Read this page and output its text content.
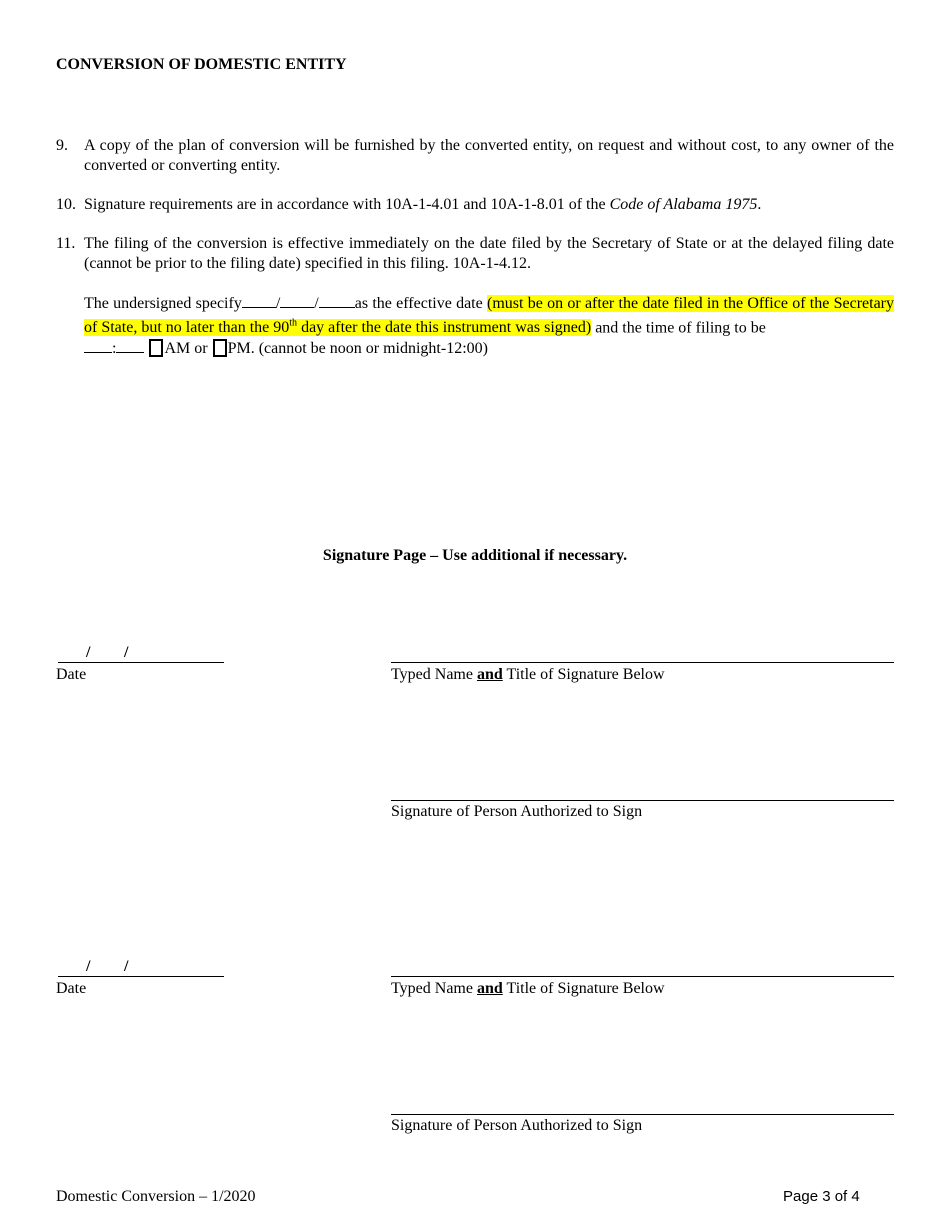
CONVERSION OF DOMESTIC ENTITY
9. A copy of the plan of conversion will be furnished by the converted entity, on request and without cost, to any owner of the converted or converting entity.
10. Signature requirements are in accordance with 10A-1-4.01 and 10A-1-8.01 of the Code of Alabama 1975.
11. The filing of the conversion is effective immediately on the date filed by the Secretary of State or at the delayed filing date (cannot be prior to the filing date) specified in this filing. 10A-1-4.12.
The undersigned specify / / as the effective date (must be on or after the date filed in the Office of the Secretary of State, but no later than the 90th day after the date this instrument was signed) and the time of filing to be
:	AM or PM. (cannot be noon or midnight-12:00)
Signature Page – Use additional if necessary.
/ /
Date	Typed Name and Title of Signature Below
Signature of Person Authorized to Sign
/ /
Date	Typed Name and Title of Signature Below
Signature of Person Authorized to Sign
Domestic Conversion – 1/2020	Page 3 of 4
